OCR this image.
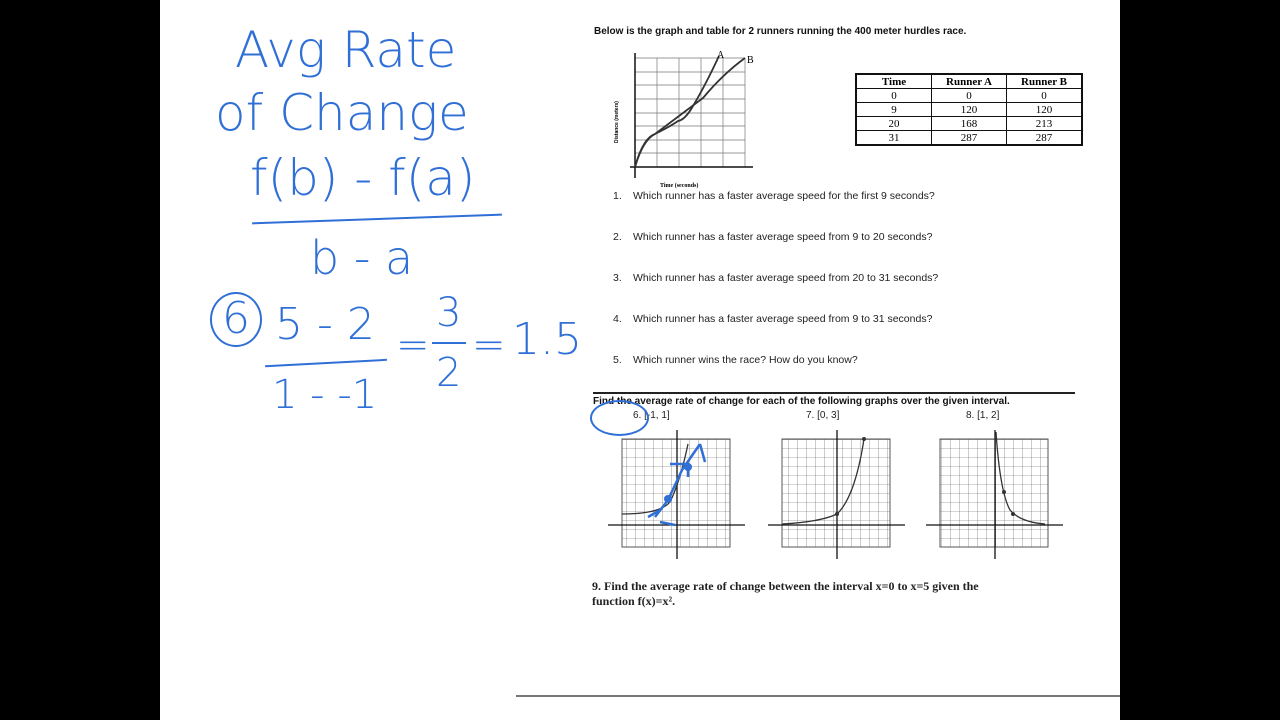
Avg Rate
of Change
f(b) - f(a)
b - a
6 5 - 2
1 - -1
=
3
2
= 1.5
Below is the graph and table for 2 runners running the 400 meter hurdles race.
A B
Distance (meters)
Time (seconds)
Time	Runner A	Runner B
0	0	0
9	120	120
20	168	213
31	287	287
1. Which runner has a faster average speed for the first 9 seconds?
2. Which runner has a faster average speed from 9 to 20 seconds?
3. Which runner has a faster average speed from 20 to 31 seconds?
4. Which runner has a faster average speed from 9 to 31 seconds?
5. Which runner wins the race? How do you know?
Find the average rate of change for each of the following graphs over the given interval.
6. [-1, 1]	7. [0, 3]	8. [1, 2]
9. Find the average rate of change between the interval x=0 to x=5 given the
function f(x)=x².
